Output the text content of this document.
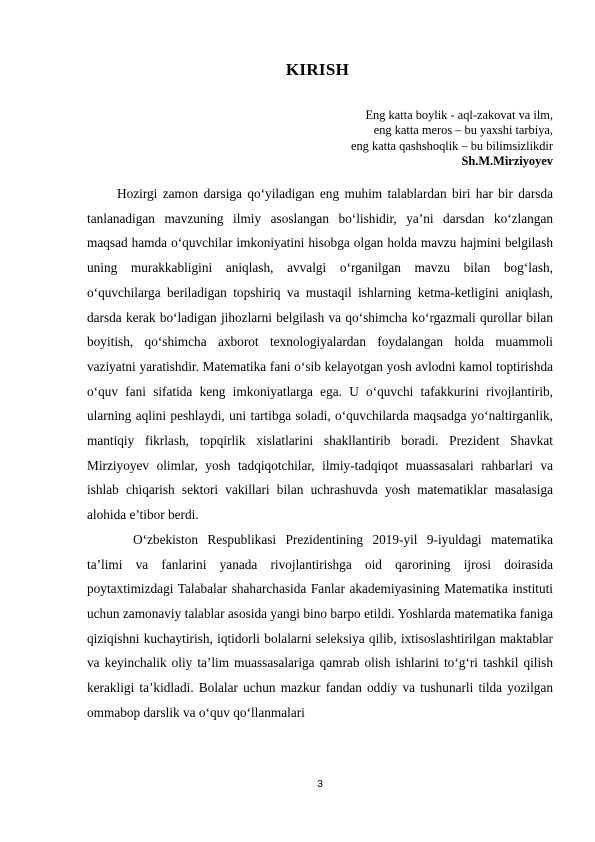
KIRISH
Eng katta boylik - aql-zakovat va ilm,
eng katta meros – bu yaxshi tarbiya,
eng katta qashshoqlik – bu bilimsizlikdir
Sh.M.Mirziyoyev

Hozirgi zamon darsiga qo‘yiladigan eng muhim talablardan biri har bir darsda tanlanadigan mavzuning ilmiy asoslangan bo‘lishidir, ya’ni darsdan ko‘zlangan maqsad hamda o‘quvchilar imkoniyatini hisobga olgan holda mavzu hajmini belgilash uning murakkabligini aniqlash, avvalgi o‘rganilgan mavzu bilan bog‘lash, o‘quvchilarga beriladigan topshiriq va mustaqil ishlarning ketma-ketligini aniqlash, darsda kerak bo‘ladigan jihozlarni belgilash va qo‘shimcha ko‘rgazmali qurollar bilan boyitish, qo‘shimcha axborot texnologiyalardan foydalangan holda muammoli vaziyatni yaratishdir. Matematika fani o‘sib kelayotgan yosh avlodni kamol toptirishda o‘quv fani sifatida keng imkoniyatlarga ega. U o‘quvchi tafakkurini rivojlantirib, ularning aqlini peshlaydi, uni tartibga soladi, o‘quvchilarda maqsadga yo‘naltirganlik, mantiqiy fikrlash, topqirlik xislatlarini shakllantirib boradi. Prezident Shavkat Mirziyoyev olimlar, yosh tadqiqotchilar, ilmiy-tadqiqot muassasalari rahbarlari va ishlab chiqarish sektori vakillari bilan uchrashuvda yosh matematiklar masalasiga alohida e’tibor berdi.

O‘zbekiston Respublikasi Prezidentining 2019-yil 9-iyuldagi matematika ta’limi va fanlarini yanada rivojlantirishga oid qarorining ijrosi doirasida poytaxtimizdagi Talabalar shaharchasida Fanlar akademiyasining Matematika instituti uchun zamonaviy talablar asosida yangi bino barpo etildi. Yoshlarda matematika faniga qiziqishni kuchaytirish, iqtidorli bolalarni seleksiya qilib, ixtisoslashtirilgan maktablar va keyinchalik oliy ta’lim muassasalariga qamrab olish ishlarini to‘g‘ri tashkil qilish kerakligi ta’kidladi. Bolalar uchun mazkur fandan oddiy va tushunarli tilda yozilgan ommabop darslik va o‘quv qo‘llanmalari

3
